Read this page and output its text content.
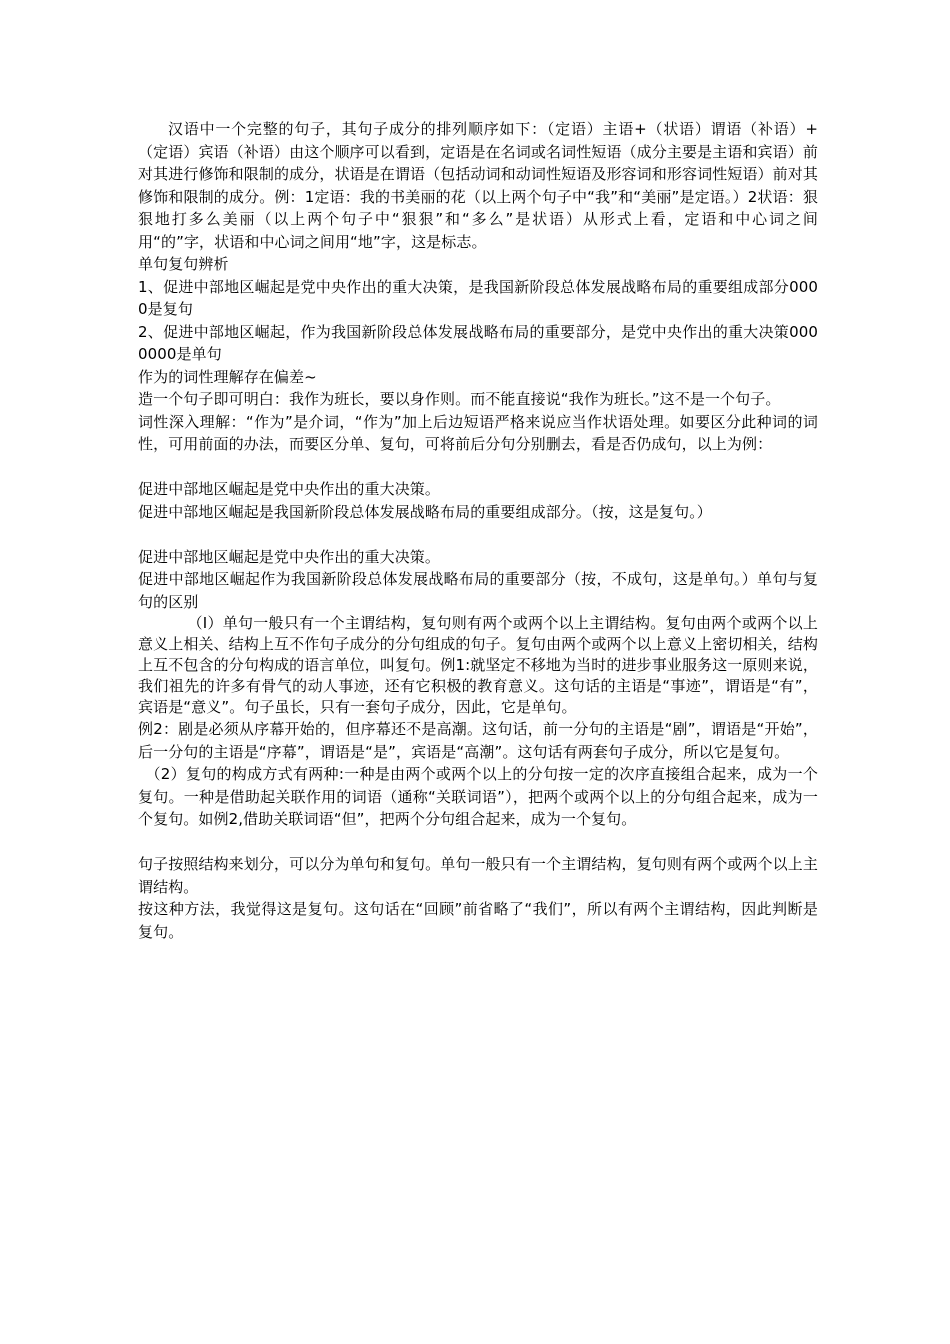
汉语中一个完整的句子，其句子成分的排列顺序如下：（定语）主语+（状语）谓语（补语）+（定语）宾语（补语）由这个顺序可以看到，定语是在名词或名词性短语（成分主要是主语和宾语）前对其进行修饰和限制的成分，状语是在谓语（包括动词和动词性短语及形容词和形容词性短语）前对其修饰和限制的成分。例：1定语：我的书美丽的花（以上两个句子中“我”和“美丽”是定语。）2状语：狠狠地打多么美丽（以上两个句子中“狠狠”和“多么”是状语）从形式上看，定语和中心词之间用“的”字，状语和中心词之间用“地”字，这是标志。

单句复句辨析

1、促进中部地区崛起是党中央作出的重大决策，是我国新阶段总体发展战略布局的重要组成部分0000是复句

2、促进中部地区崛起，作为我国新阶段总体发展战略布局的重要部分，是党中央作出的重大决策0000000是单句

作为的词性理解存在偏差~

造一个句子即可明白：我作为班长，要以身作则。而不能直接说“我作为班长。”这不是一个句子。

词性深入理解：“作为”是介词，“作为”加上后边短语严格来说应当作状语处理。如要区分此种词的词性，可用前面的办法，而要区分单、复句，可将前后分句分别删去，看是否仍成句，以上为例：

促进中部地区崛起是党中央作出的重大决策。

促进中部地区崛起是我国新阶段总体发展战略布局的重要组成部分。（按，这是复句。）

促进中部地区崛起是党中央作出的重大决策。

促进中部地区崛起作为我国新阶段总体发展战略布局的重要部分（按，不成句，这是单句。）单句与复句的区别

（I）单句一般只有一个主谓结构，复句则有两个或两个以上主谓结构。复句由两个或两个以上意义上相关、结构上互不作句子成分的分句组成的句子。复句由两个或两个以上意义上密切相关，结构上互不包含的分句构成的语言单位，叫复句。例1:就坚定不移地为当时的进步事业服务这一原则来说，我们祖先的许多有骨气的动人事迹，还有它积极的教育意义。这句话的主语是“事迹”，谓语是“有”，宾语是“意义”。句子虽长，只有一套句子成分，因此，它是单句。

例2：剧是必须从序幕开始的，但序幕还不是高潮。这句话，前一分句的主语是“剧”，谓语是“开始”，后一分句的主语是“序幕”，谓语是“是”，宾语是“高潮”。这句话有两套句子成分，所以它是复句。

（2）复句的构成方式有两种:一种是由两个或两个以上的分句按一定的次序直接组合起来，成为一个复句。一种是借助起关联作用的词语（通称“关联词语”），把两个或两个以上的分句组合起来，成为一个复句。如例2,借助关联词语“但”，把两个分句组合起来，成为一个复句。

句子按照结构来划分，可以分为单句和复句。单句一般只有一个主谓结构，复句则有两个或两个以上主谓结构。

按这种方法，我觉得这是复句。这句话在“回顾”前省略了“我们”，所以有两个主谓结构，因此判断是复句。
